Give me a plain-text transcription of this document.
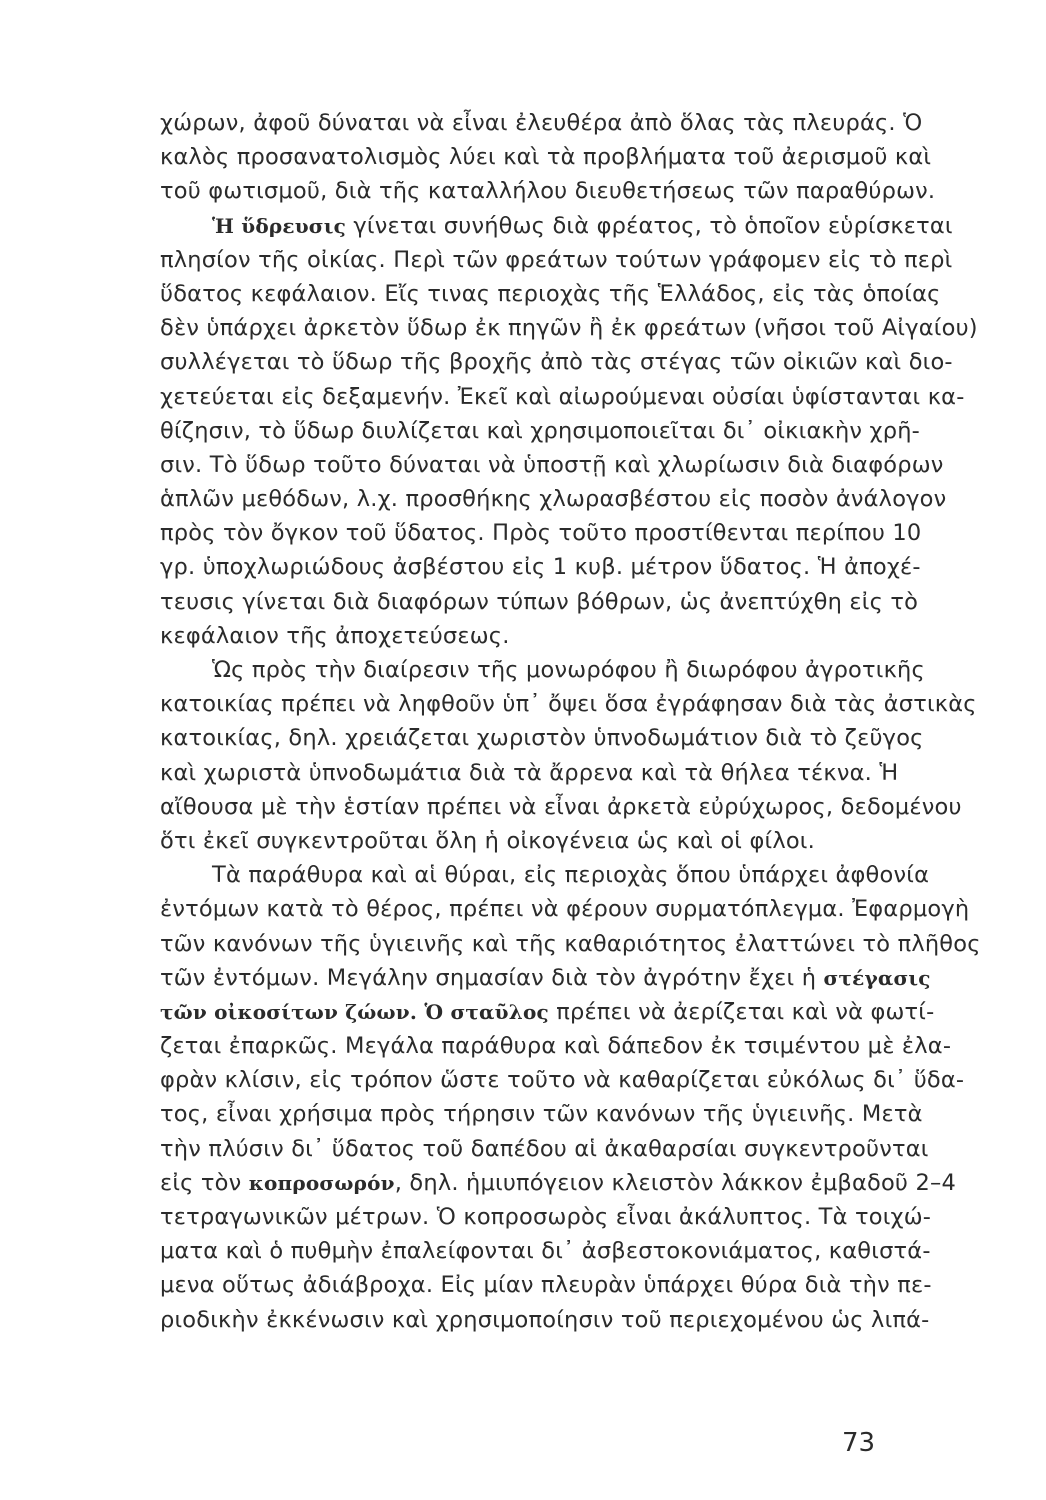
χώρων, ἀφοῦ δύναται νὰ εἶναι ἐλευθέρα ἀπὸ ὅλας τὰς πλευράς. Ὁ
καλὸς προσανατολισμὸς λύει καὶ τὰ προβλήματα τοῦ ἀερισμοῦ καὶ
τοῦ φωτισμοῦ, διὰ τῆς καταλλήλου διευθετήσεως τῶν παραθύρων.
Ἡ ὕδρευσις γίνεται συνήθως διὰ φρέατος, τὸ ὁποῖον εὑρίσκεται
πλησίον τῆς οἰκίας. Περὶ τῶν φρεάτων τούτων γράφομεν εἰς τὸ περὶ
ὕδατος κεφάλαιον. Εἴς τινας περιοχὰς τῆς Ἑλλάδος, εἰς τὰς ὁποίας
δὲν ὑπάρχει ἀρκετὸν ὕδωρ ἐκ πηγῶν ἢ ἐκ φρεάτων (νῆσοι τοῦ Αἰγαίου)
συλλέγεται τὸ ὕδωρ τῆς βροχῆς ἀπὸ τὰς στέγας τῶν οἰκιῶν καὶ διο-
χετεύεται εἰς δεξαμενήν. Ἐκεῖ καὶ αἰωρούμεναι οὐσίαι ὑφίστανται κα-
θίζησιν, τὸ ὕδωρ διυλίζεται καὶ χρησιμοποιεῖται δι᾽ οἰκιακὴν χρῆ-
σιν. Τὸ ὕδωρ τοῦτο δύναται νὰ ὑποστῇ καὶ χλωρίωσιν διὰ διαφόρων
ἁπλῶν μεθόδων, λ.χ. προσθήκης χλωρασβέστου εἰς ποσὸν ἀνάλογον
πρὸς τὸν ὄγκον τοῦ ὕδατος. Πρὸς τοῦτο προστίθενται περίπου 10
γρ. ὑποχλωριώδους ἀσβέστου εἰς 1 κυβ. μέτρον ὕδατος. Ἡ ἀποχέ-
τευσις γίνεται διὰ διαφόρων τύπων βόθρων, ὡς ἀνεπτύχθη εἰς τὸ
κεφάλαιον τῆς ἀποχετεύσεως.
Ὡς πρὸς τὴν διαίρεσιν τῆς μονωρόφου ἢ διωρόφου ἀγροτικῆς
κατοικίας πρέπει νὰ ληφθοῦν ὑπ᾽ ὄψει ὅσα ἐγράφησαν διὰ τὰς ἀστικὰς
κατοικίας, δηλ. χρειάζεται χωριστὸν ὑπνοδωμάτιον διὰ τὸ ζεῦγος
καὶ χωριστὰ ὑπνοδωμάτια διὰ τὰ ἄρρενα καὶ τὰ θήλεα τέκνα. Ἡ
αἴθουσα μὲ τὴν ἑστίαν πρέπει νὰ εἶναι ἀρκετὰ εὐρύχωρος, δεδομένου
ὅτι ἐκεῖ συγκεντροῦται ὅλη ἡ οἰκογένεια ὡς καὶ οἱ φίλοι.
Τὰ παράθυρα καὶ αἱ θύραι, εἰς περιοχὰς ὅπου ὑπάρχει ἀφθονία
ἐντόμων κατὰ τὸ θέρος, πρέπει νὰ φέρουν συρματόπλεγμα. Ἐφαρμογὴ
τῶν κανόνων τῆς ὑγιεινῆς καὶ τῆς καθαριότητος ἐλαττώνει τὸ πλῆθος
τῶν ἐντόμων. Μεγάλην σημασίαν διὰ τὸν ἀγρότην ἔχει ἡ στέγασις
τῶν οἰκοσίτων ζώων. Ὁ σταῦλος πρέπει νὰ ἀερίζεται καὶ νὰ φωτί-
ζεται ἐπαρκῶς. Μεγάλα παράθυρα καὶ δάπεδον ἐκ τσιμέντου μὲ ἐλα-
φρὰν κλίσιν, εἰς τρόπον ὥστε τοῦτο νὰ καθαρίζεται εὐκόλως δι᾽ ὕδα-
τος, εἶναι χρήσιμα πρὸς τήρησιν τῶν κανόνων τῆς ὑγιεινῆς. Μετὰ
τὴν πλύσιν δι᾽ ὕδατος τοῦ δαπέδου αἱ ἀκαθαρσίαι συγκεντροῦνται
εἰς τὸν κοπροσωρόν, δηλ. ἡμιυπόγειον κλειστὸν λάκκον ἐμβαδοῦ 2–4
τετραγωνικῶν μέτρων. Ὁ κοπροσωρὸς εἶναι ἀκάλυπτος. Τὰ τοιχώ-
ματα καὶ ὁ πυθμὴν ἐπαλείφονται δι᾽ ἀσβεστοκονιάματος, καθιστά-
μενα οὕτως ἀδιάβροχα. Εἰς μίαν πλευρὰν ὑπάρχει θύρα διὰ τὴν πε-
ριοδικὴν ἐκκένωσιν καὶ χρησιμοποίησιν τοῦ περιεχομένου ὡς λιπά-
73
